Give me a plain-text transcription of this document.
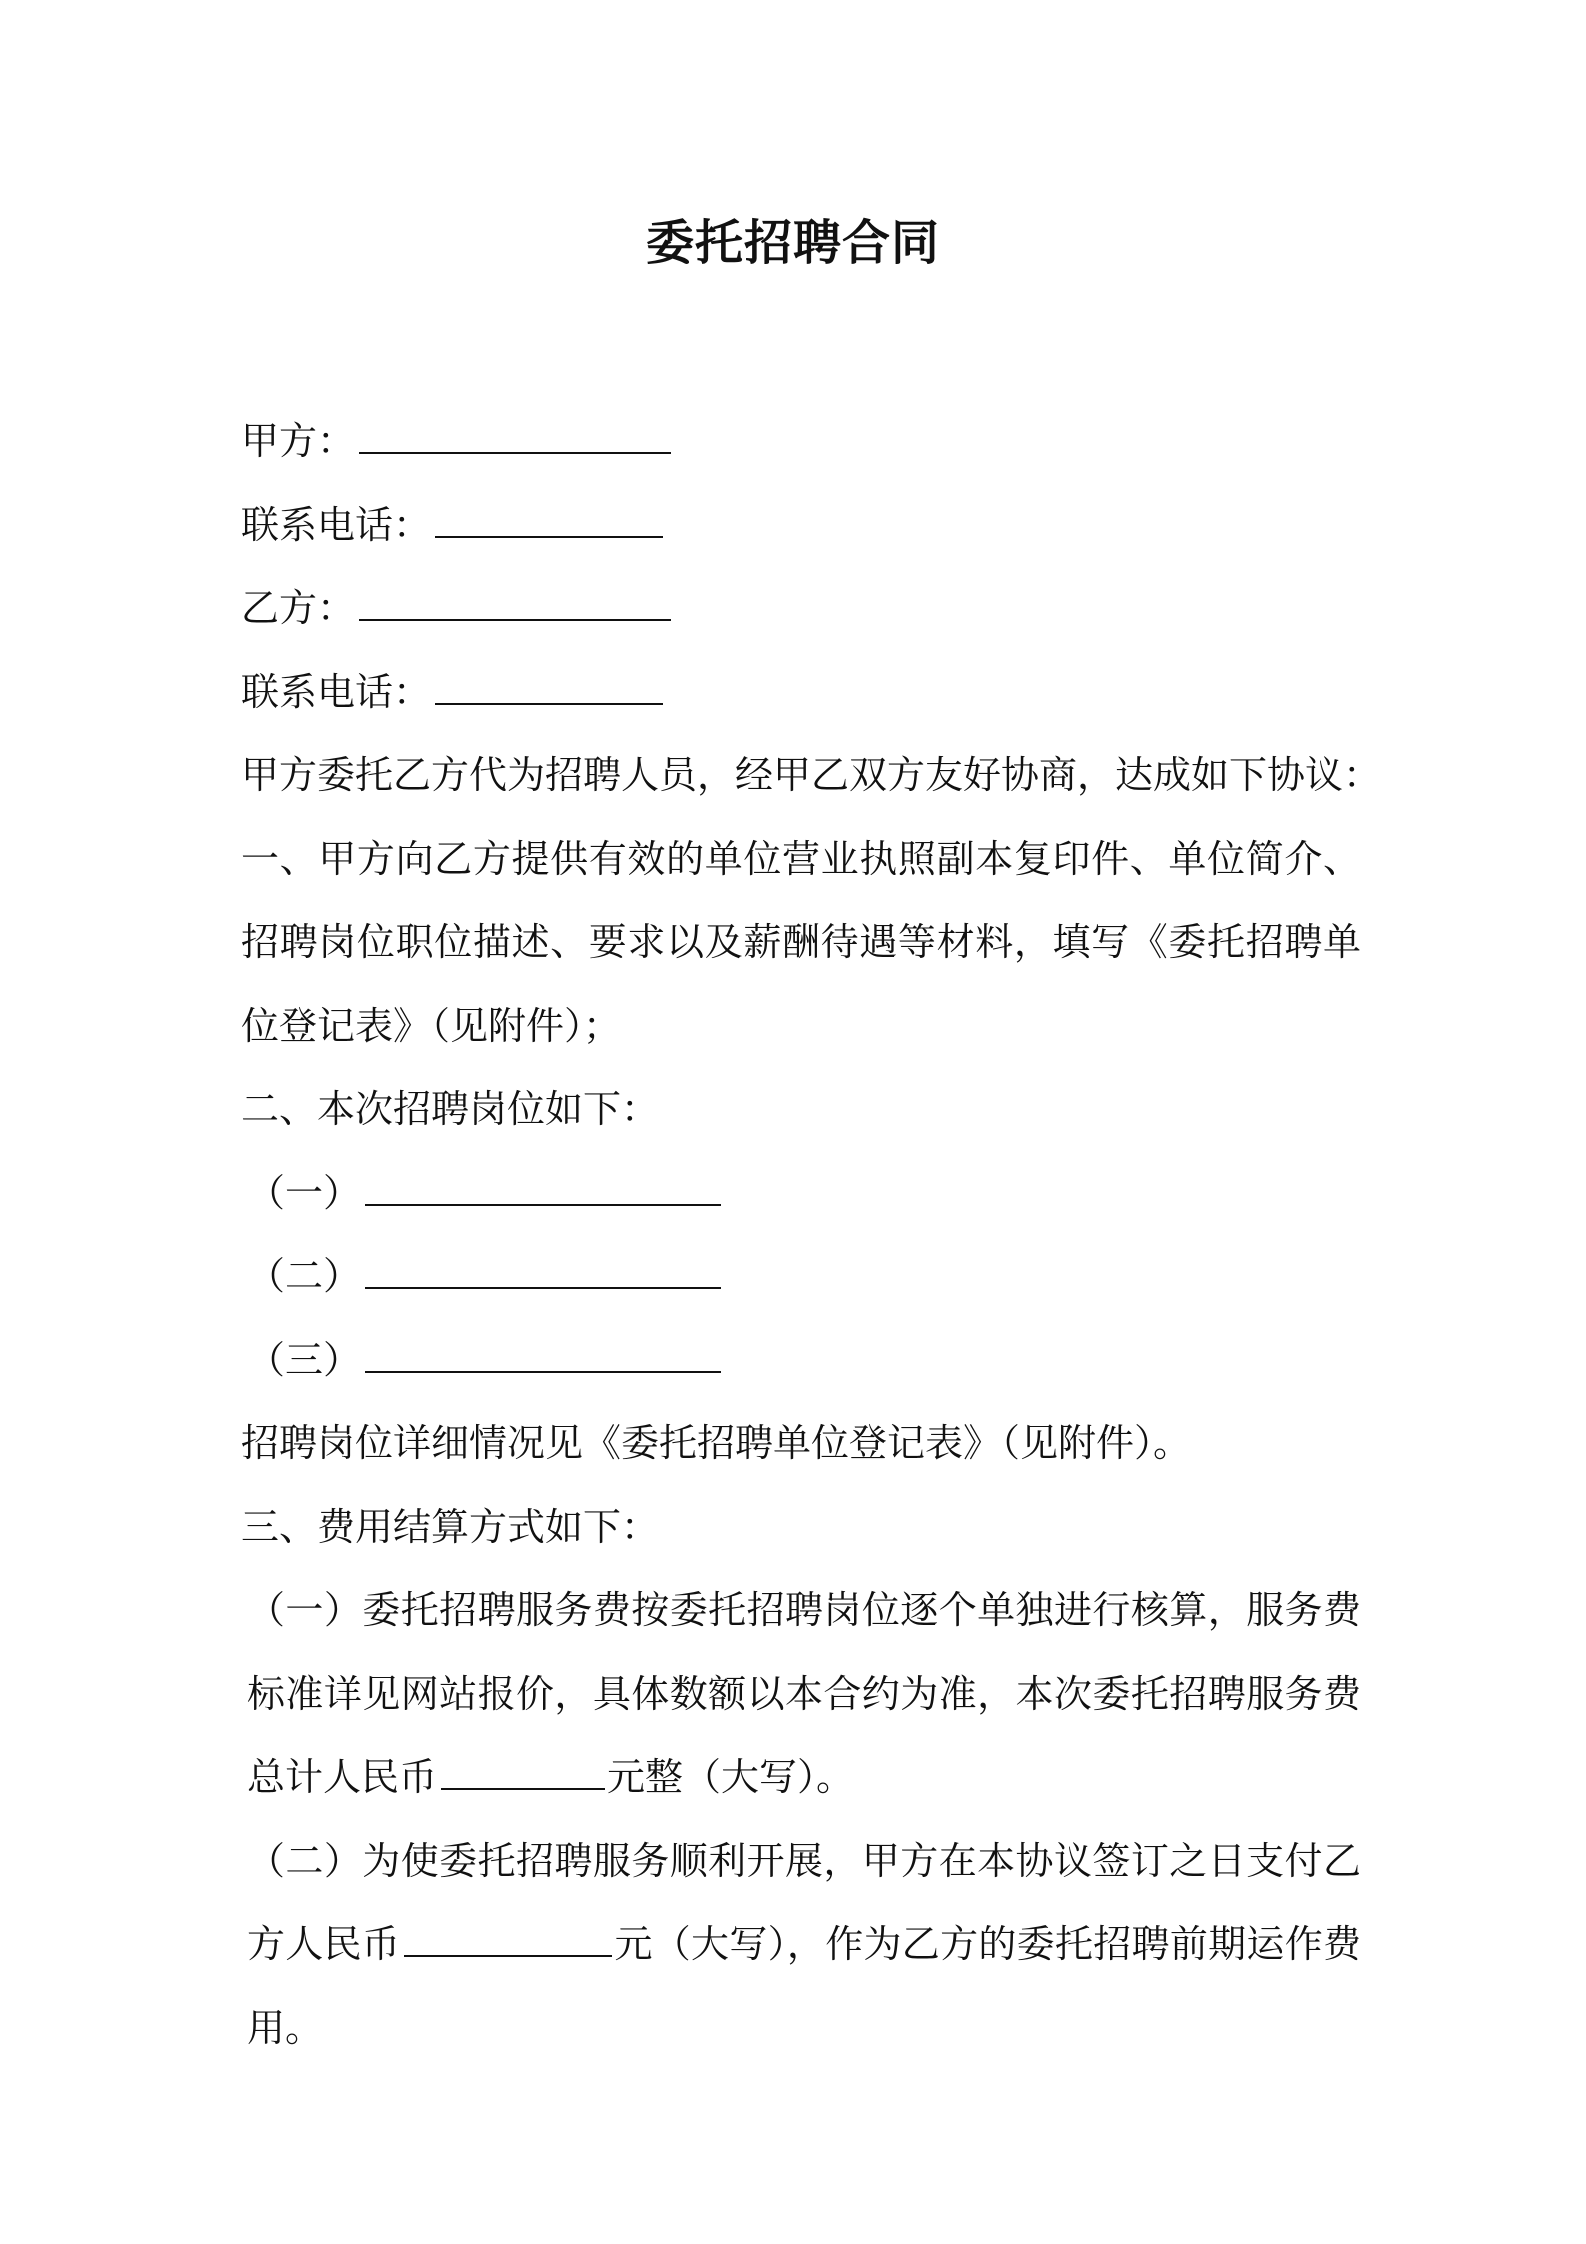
委托招聘合同
甲方：
联系电话：
乙方：
联系电话：
甲方委托乙方代为招聘人员，经甲乙双方友好协商，达成如下协议：
一、甲方向乙方提供有效的单位营业执照副本复印件、单位简介、招聘岗位职位描述、要求以及薪酬待遇等材料，填写《委托招聘单位登记表》（见附件）；
二、本次招聘岗位如下：
（一）
（二）
（三）
招聘岗位详细情况见《委托招聘单位登记表》（见附件）。
三、费用结算方式如下：
（一）委托招聘服务费按委托招聘岗位逐个单独进行核算，服务费标准详见网站报价，具体数额以本合约为准，本次委托招聘服务费总计人民币	元整（大写）。
（二）为使委托招聘服务顺利开展，甲方在本协议签订之日支付乙方人民币	元（大写），作为乙方的委托招聘前期运作费用。
